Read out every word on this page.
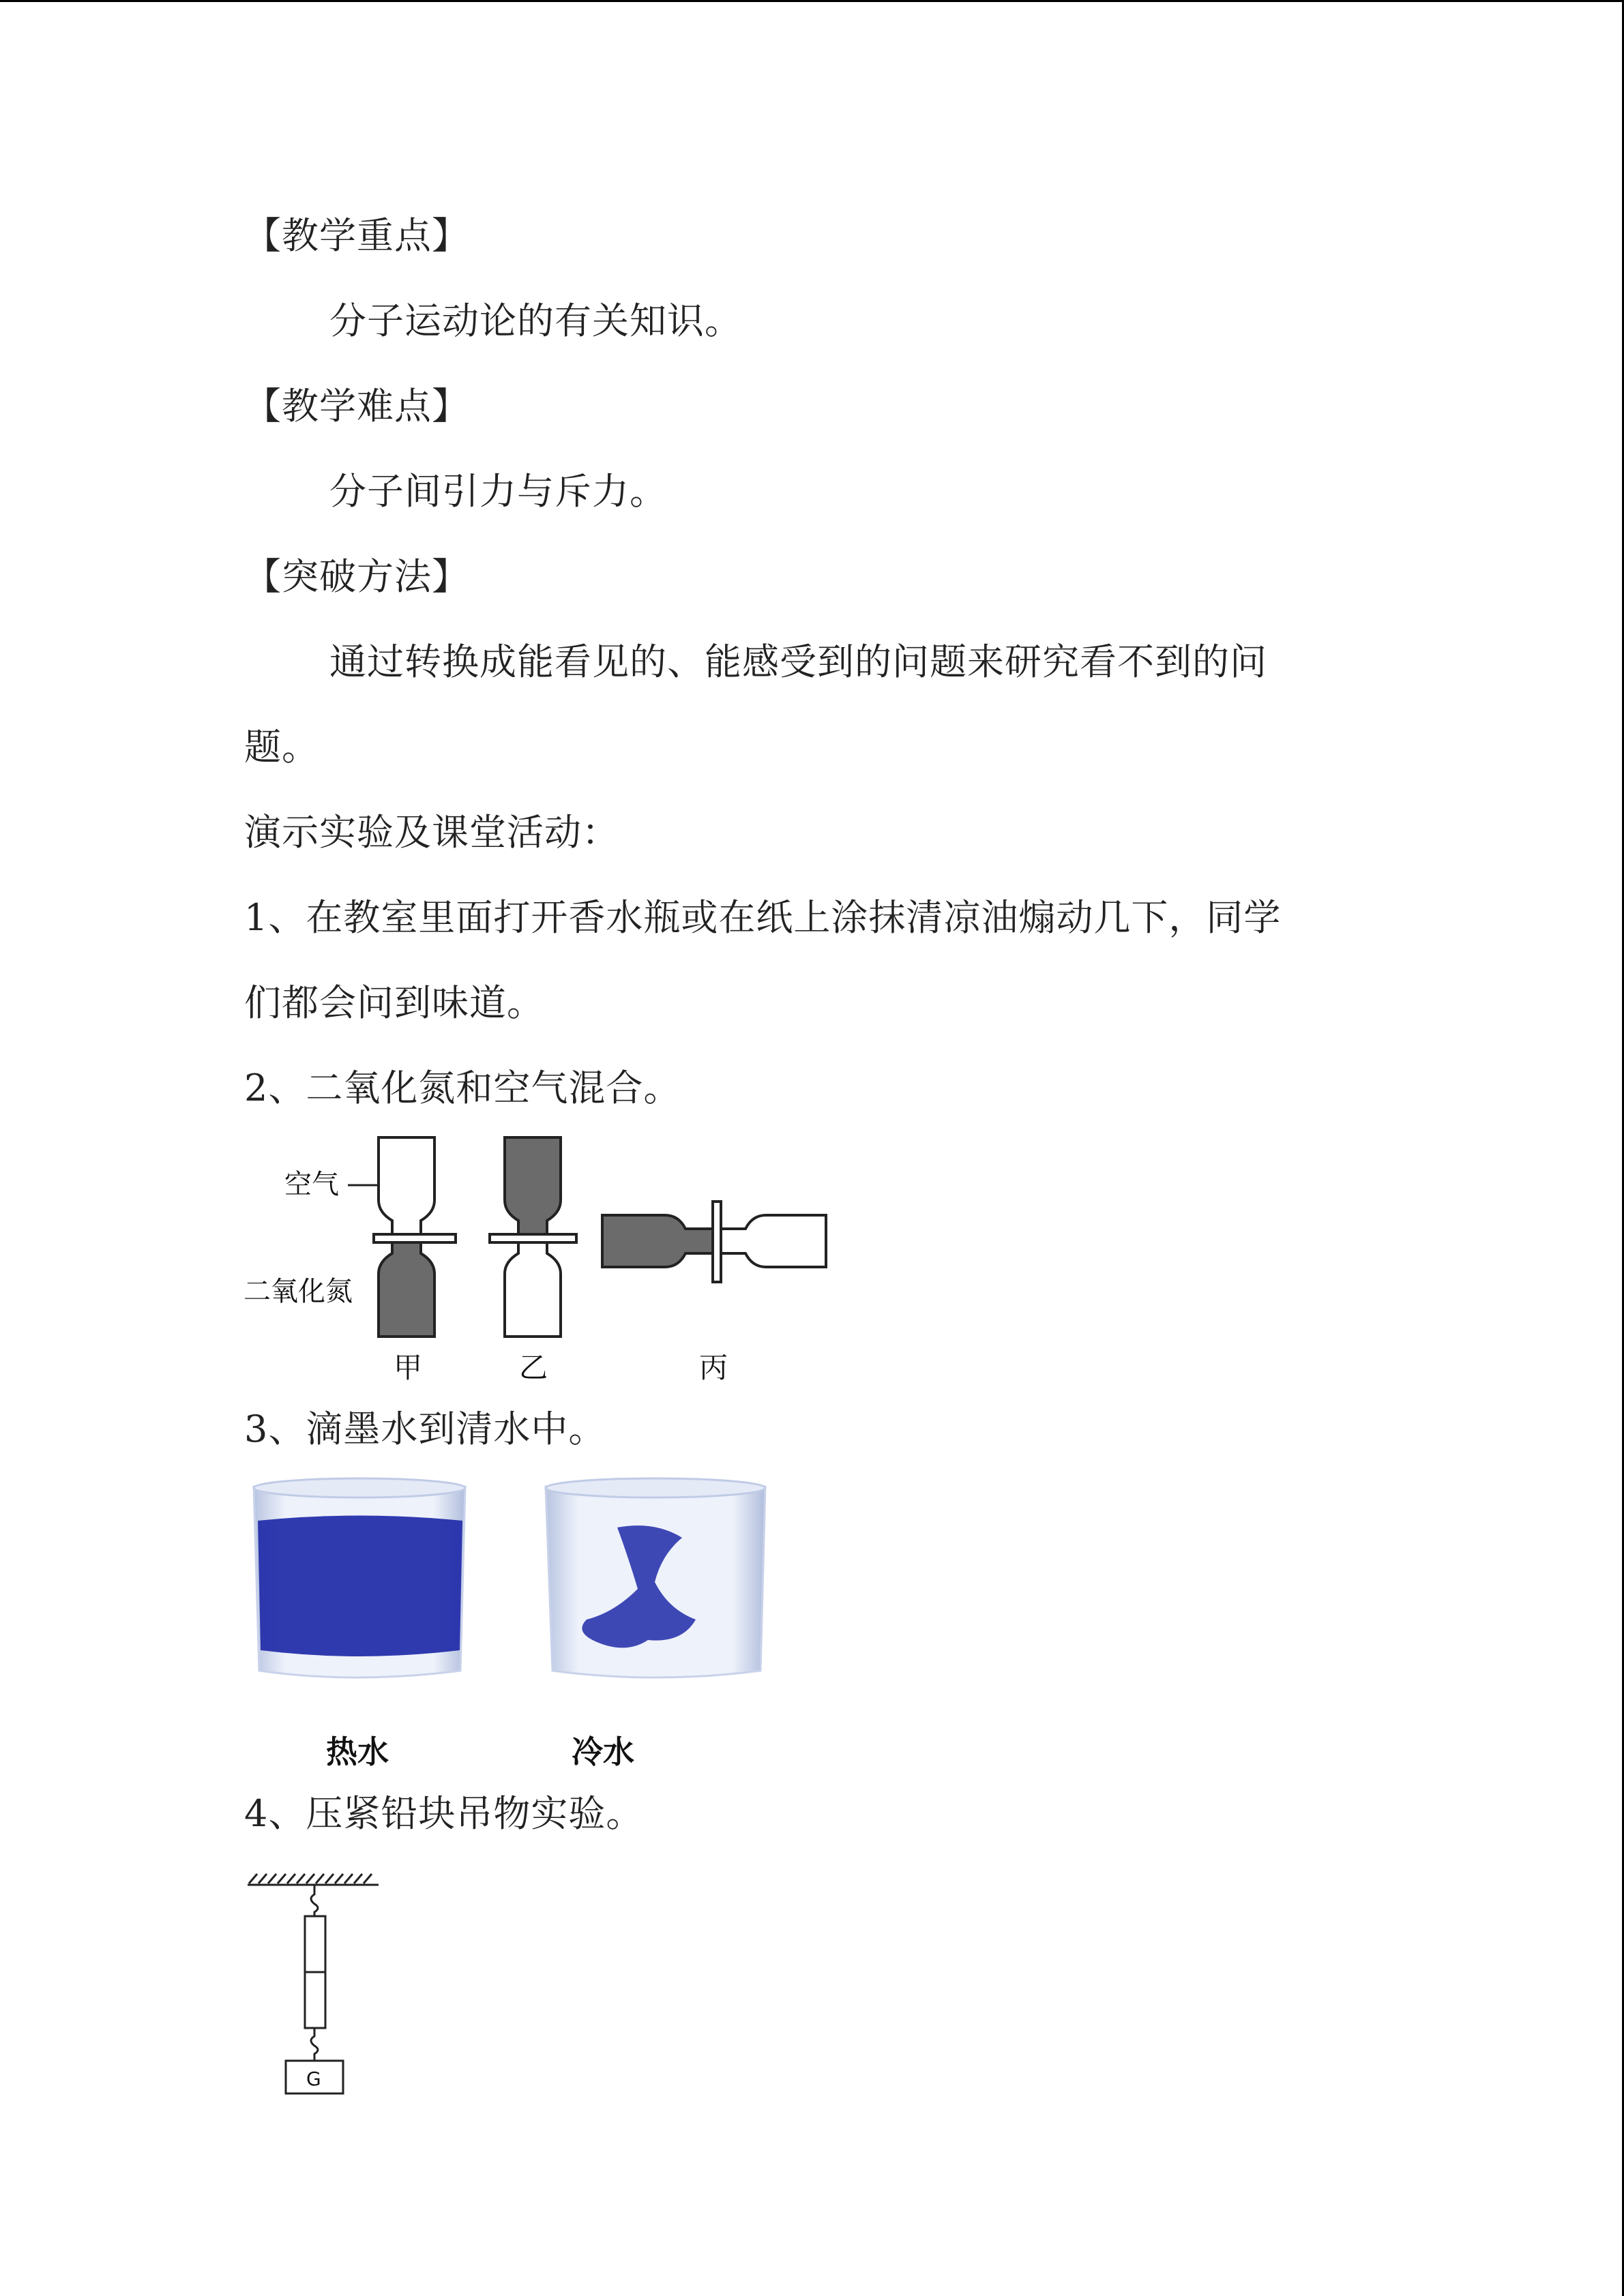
【教学重点】
分子运动论的有关知识。
【教学难点】
分子间引力与斥力。
【突破方法】
通过转换成能看见的、能感受到的问题来研究看不到的问
题。
演示实验及课堂活动：
1、在教室里面打开香水瓶或在纸上涂抹清凉油煽动几下，同学
们都会问到味道。
2、二氧化氮和空气混合。
空气
二氧化氮
甲	乙	丙
3、滴墨水到清水中。
热水	冷水
4、压紧铅块吊物实验。
G
